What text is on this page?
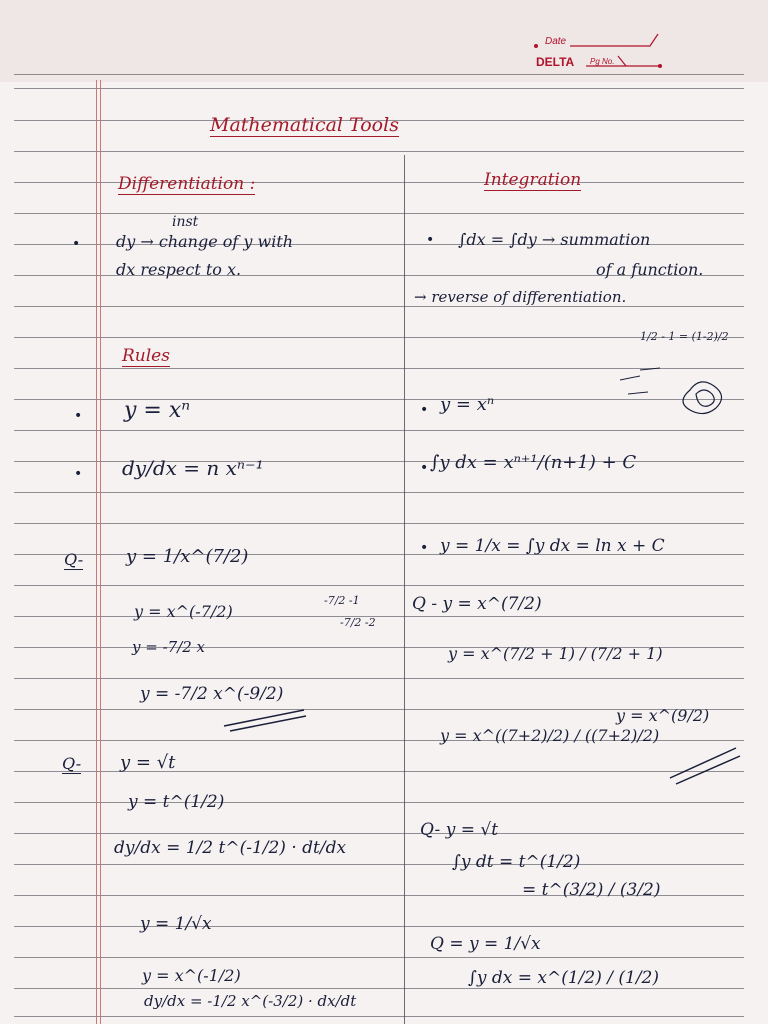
Date
DELTA Pg No.
Mathematical Tools
Differentiation :
inst
• dy → change of y with
dx respect to x.
Rules
• y = xⁿ
• dy/dx = n xⁿ⁻¹
Q- y = 1/x^(7/2)
y = x^(-7/2)
-7/2 -1
-7/2 -2
y = -7/2 x
y = -7/2 x^(-9/2)
Q- y = √t
y = t^(1/2)
dy/dx = 1/2 t^(-1/2) · dt/dx
y = 1/√x
y = x^(-1/2)
dy/dx = -1/2 x^(-3/2) · dx/dt
Integration
• ∫dx = ∫dy → summation
of a function.
→ reverse of differentiation.
1/2 - 1 = (1-2)/2
• y = xⁿ
• ∫y dx = xⁿ⁺¹/(n+1) + C
• y = 1/x = ∫y dx = ln x + C
Q - y = x^(7/2)
y = x^(7/2 + 1) / (7/2 + 1)
y = x^((7+2)/2) / ((7+2)/2)
y = x^(9/2)
Q- y = √t
∫y dt = t^(1/2)
= t^(3/2) / (3/2)
Q = y = 1/√x
∫y dx = x^(1/2) / (1/2)
